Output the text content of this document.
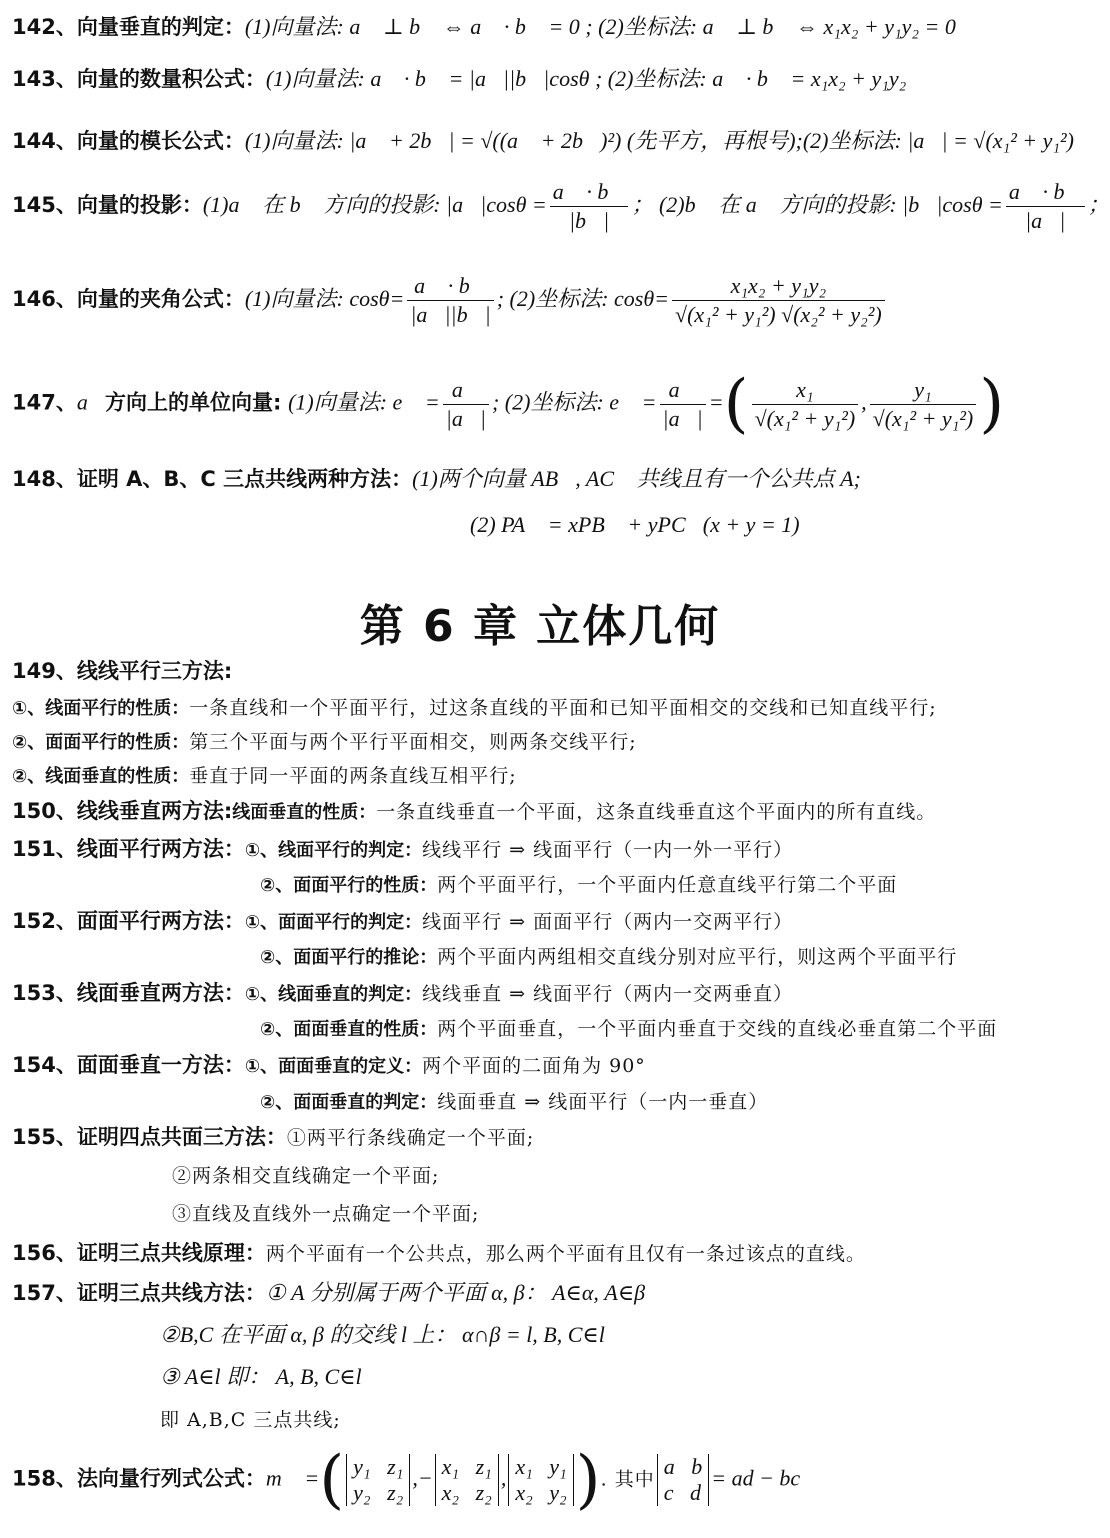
142、向量垂直的判定：(1)向量法: a⃗ ⊥ b⃗ ⇔ a⃗ · b⃗ = 0 ; (2)坐标法: a⃗ ⊥ b⃗ ⇔ x₁x₂ + y₁y₂ = 0
143、向量的数量积公式：(1)向量法: a⃗ · b⃗ = |a⃗||b⃗|cosθ ; (2)坐标法: a⃗ · b⃗ = x₁x₂ + y₁y₂
144、向量的模长公式：(1)向量法: |a⃗ + 2b⃗| = √((a⃗ + 2b⃗)²) (先平方，再根号);(2)坐标法: |a⃗| = √(x₁² + y₁²)
145、向量的投影：(1)a⃗ 在 b⃗ 方向的投影: |a⃗|cosθ = $\frac{a⃗ \cdot b⃗}{|b⃗|}$ ； (2)b⃗ 在 a⃗ 方向的投影: |b⃗|cosθ = $\frac{a⃗ \cdot b⃗}{|a⃗|}$ ；
146、向量的夹角公式：(1)向量法: $\cos\theta= \frac{a⃗ \cdot b⃗}{|a⃗||b⃗|}$ ; (2)坐标法: $\cos\theta= \frac{\text{x₁x₂ + y₁y₂}}{\text{√(x₁² + y₁²) √(x₂² + y₂²)}}$
147、a⃗方向上的单位向量: (1)向量法: e⃗ = $\frac{a⃗}{|a⃗|}$ ; (2)坐标法: e⃗ = $\frac{a⃗}{|a⃗|}$ =( $\frac{\text{x₁}}{\text{√(x₁² + y₁²)}}$ , $\frac{\text{y₁}}{\text{√(x₁² + y₁²)}}$ )
148、证明 A、B、C 三点共线两种方法：(1)两个向量 AB⃗, AC⃗ 共线且有一个公共点 A;
(2) PA⃗ = xPB⃗ + yPC⃗(x + y = 1)
第 6 章 立体几何
149、线线平行三方法:
①、线面平行的性质：一条直线和一个平面平行，过这条直线的平面和已知平面相交的交线和已知直线平行;
②、面面平行的性质：第三个平面与两个平行平面相交，则两条交线平行;
②、线面垂直的性质：垂直于同一平面的两条直线互相平行;
150、线线垂直两方法:线面垂直的性质：一条直线垂直一个平面，这条直线垂直这个平面内的所有直线。
151、线面平行两方法：①、线面平行的判定：线线平行 ⇒ 线面平行（一内一外一平行）
②、面面平行的性质：两个平面平行，一个平面内任意直线平行第二个平面
152、面面平行两方法：①、面面平行的判定：线面平行 ⇒ 面面平行（两内一交两平行）
②、面面平行的推论：两个平面内两组相交直线分别对应平行，则这两个平面平行
153、线面垂直两方法：①、线面垂直的判定：线线垂直 ⇒ 线面平行（两内一交两垂直）
②、面面垂直的性质：两个平面垂直，一个平面内垂直于交线的直线必垂直第二个平面
154、面面垂直一方法：①、面面垂直的定义：两个平面的二面角为 90°
②、面面垂直的判定：线面垂直 ⇒ 线面平行（一内一垂直）
155、证明四点共面三方法：①两平行条线确定一个平面;
②两条相交直线确定一个平面;
③直线及直线外一点确定一个平面;
156、证明三点共线原理：两个平面有一个公共点，那么两个平面有且仅有一条过该点的直线。
157、证明三点共线方法：① A 分别属于两个平面 α, β： A∈α, A∈β
②B,C 在平面 α, β 的交线 l 上： α∩β = l, B, C∈l
③ A∈l 即： A, B, C∈l
即 A,B,C 三点共线;
158、法向量行列式公式：m⃗ =( y₁ z₁
y₂ z₂
,− x₁ z₁
x₂ z₂
, x₁ y₁
x₂ y₂ ). 其中
a b
c d
= ad − bc
